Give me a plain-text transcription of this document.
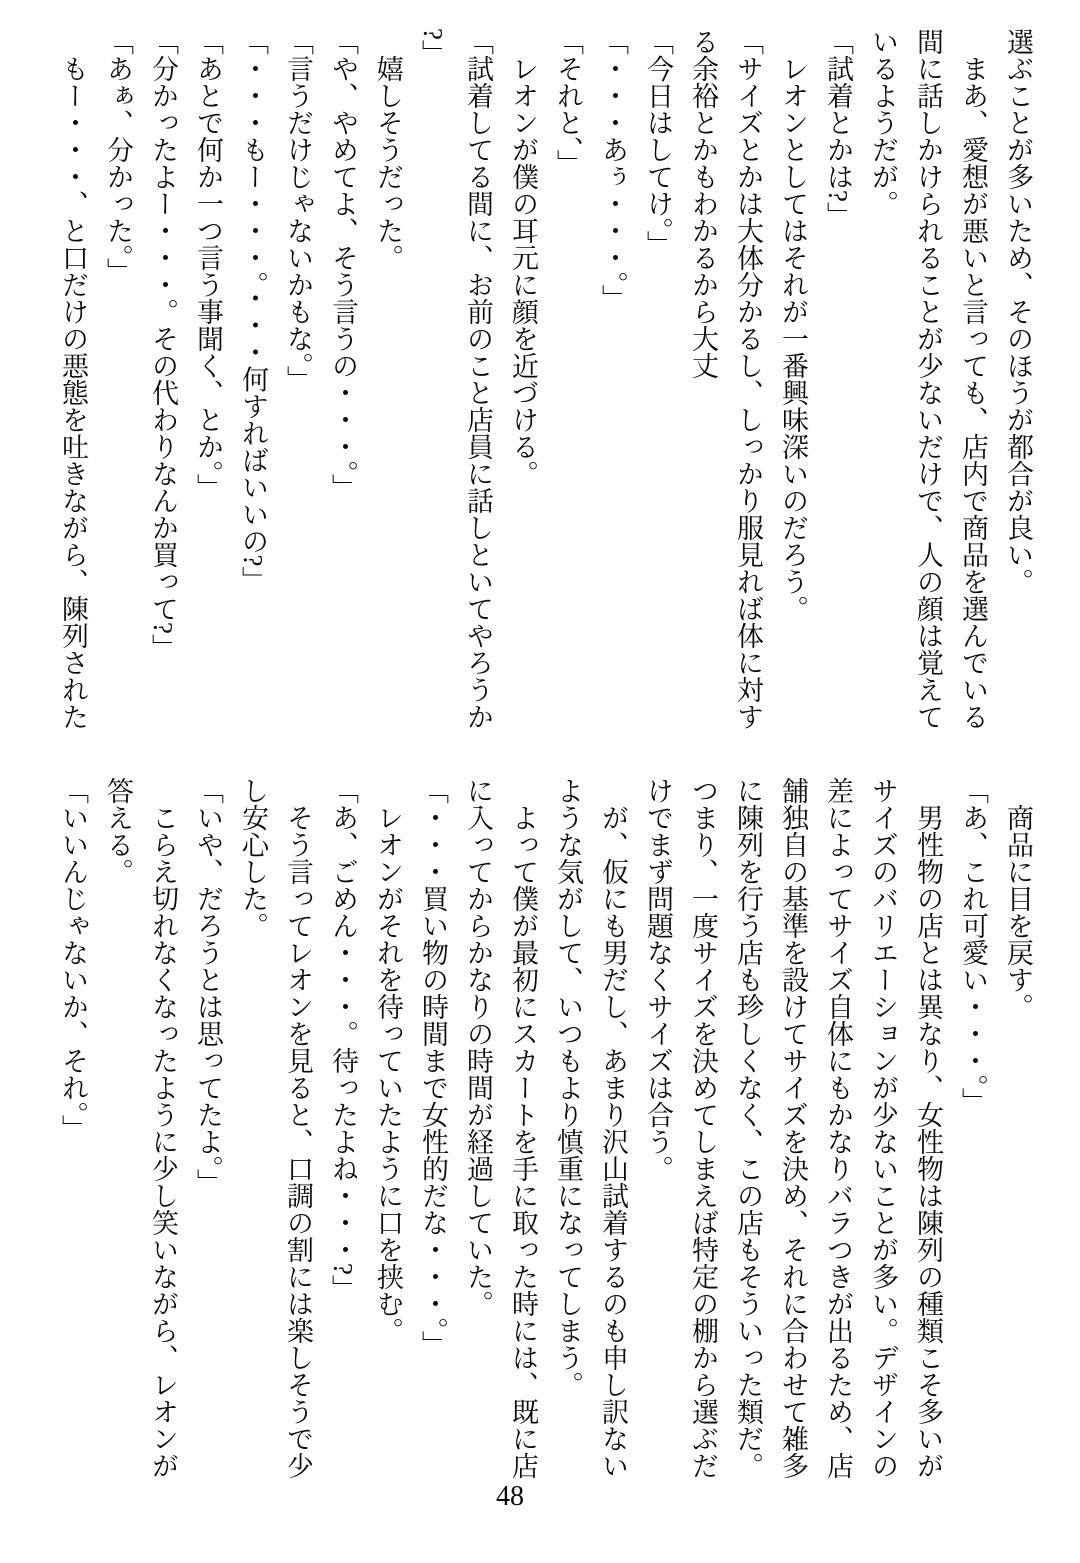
選ぶことが多いため、そのほうが都合が良い。

まあ、愛想が悪いと言っても、店内で商品を選んでいる間に話しかけられることが少ないだけで、人の顔は覚えているようだが。

「試着とかは?」

レオンとしてはそれが一番興味深いのだろう。

「サイズとかは大体分かるし、しっかり服見れば体に対する余裕とかもわかるから大丈

「今日はしてけ。」

「・・・あぅ・・・。」

「それと、」

レオンが僕の耳元に顔を近づける。

「試着してる間に、お前のこと店員に話しといてやろうか?」

嬉しそうだった。

「や、やめてよ、そう言うの・・・。」

「言うだけじゃないかもな。」

「・・・もー・・・。・・・何すればいいの?」

「あとで何か一つ言う事聞く、とか。」

「分かったよー・・・。その代わりなんか買って?」

「あぁ、分かった。」

もー・・・、と口だけの悪態を吐きながら、陳列された

商品に目を戻す。

「あ、これ可愛い・・・。」

男性物の店とは異なり、女性物は陳列の種類こそ多いがサイズのバリエーションが少ないことが多い。デザインの差によってサイズ自体にもかなりバラつきが出るため、店舗独自の基準を設けてサイズを決め、それに合わせて雑多に陳列を行う店も珍しくなく、この店もそういった類だ。つまり、一度サイズを決めてしまえば特定の棚から選ぶだけでまず問題なくサイズは合う。

が、仮にも男だし、あまり沢山試着するのも申し訳ないような気がして、いつもより慎重になってしまう。

よって僕が最初にスカートを手に取った時には、既に店に入ってからかなりの時間が経過していた。

「・・・買い物の時間まで女性的だな・・・。」

レオンがそれを待っていたように口を挟む。

「あ、ごめん・・・。待ったよね・・・?」

そう言ってレオンを見ると、口調の割には楽しそうで少し安心した。

「いや、だろうとは思ってたよ。」

こらえ切れなくなったように少し笑いながら、レオンが答える。

「いいんじゃないか、それ。」

48
